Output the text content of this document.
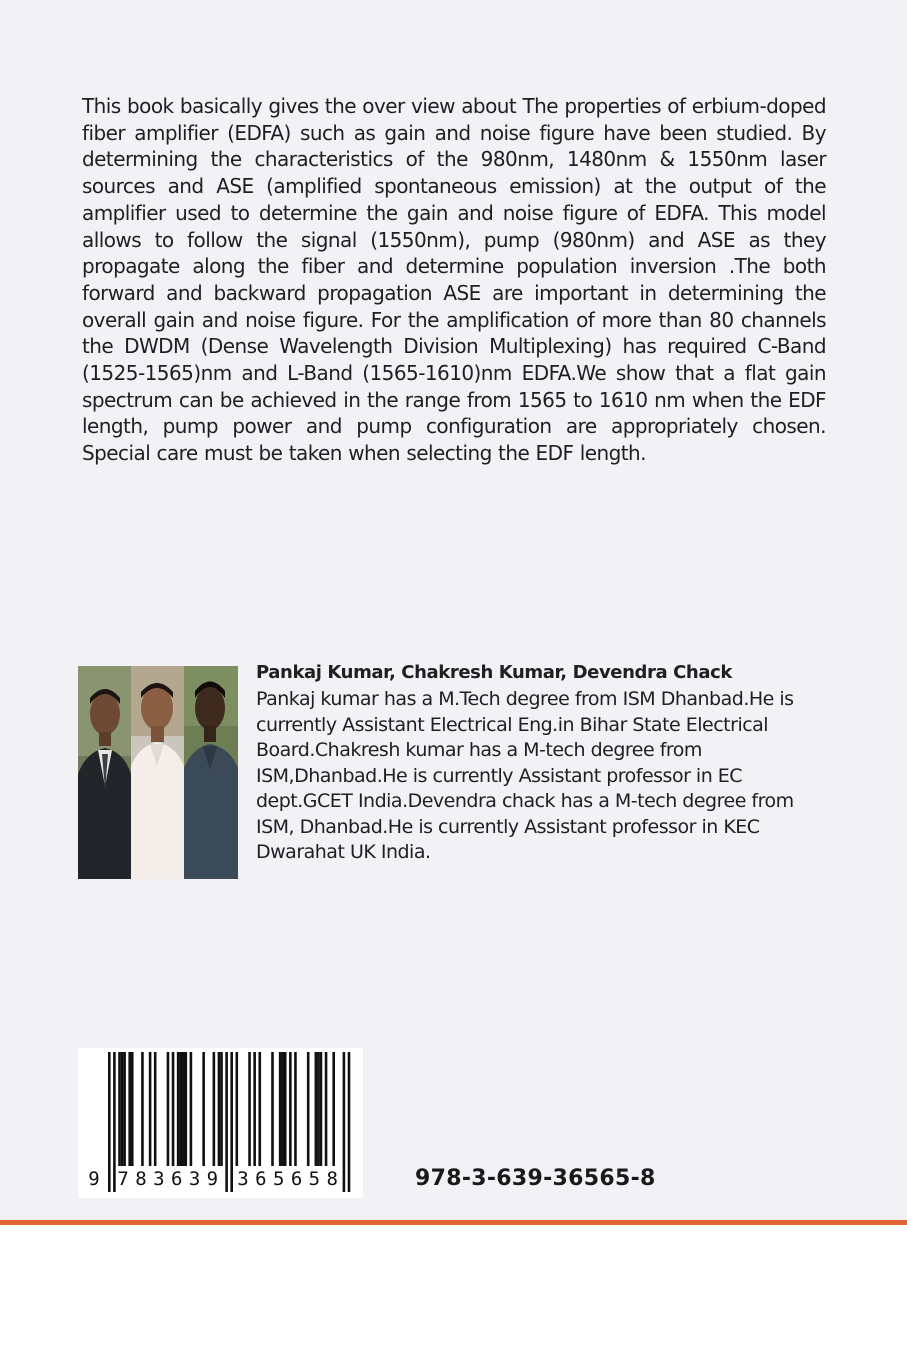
This book basically gives the over view about The properties of erbium-doped fiber amplifier (EDFA) such as gain and noise figure have been studied. By determining the characteristics of the 980nm, 1480nm & 1550nm laser sources and ASE (amplified spontaneous emission) at the output of the amplifier used to determine the gain and noise figure of EDFA. This model allows to follow the signal (1550nm), pump (980nm) and ASE as they propagate along the fiber and determine population inversion .The both forward and backward propagation ASE are important in determining the overall gain and noise figure. For the amplification of more than 80 channels the DWDM (Dense Wavelength Division Multiplexing) has required C-Band (1525-1565)nm and L-Band (1565-1610)nm EDFA.We show that a flat gain spectrum can be achieved in the range from 1565 to 1610 nm when the EDF length, pump power and pump configuration are appropriately chosen. Special care must be taken when selecting the EDF length.

Pankaj Kumar, Chakresh Kumar, Devendra Chack

Pankaj kumar has a M.Tech degree from ISM Dhanbad.He is currently Assistant Electrical Eng.in Bihar State Electrical Board.Chakresh kumar has a M-tech degree from ISM,Dhanbad.He is currently Assistant professor in EC dept.GCET India.Devendra chack has a M-tech degree from ISM, Dhanbad.He is currently Assistant professor in KEC Dwarahat UK India.

9 7 8 3 6 3 9 3 6 5 6 5 8	978-3-639-36565-8
